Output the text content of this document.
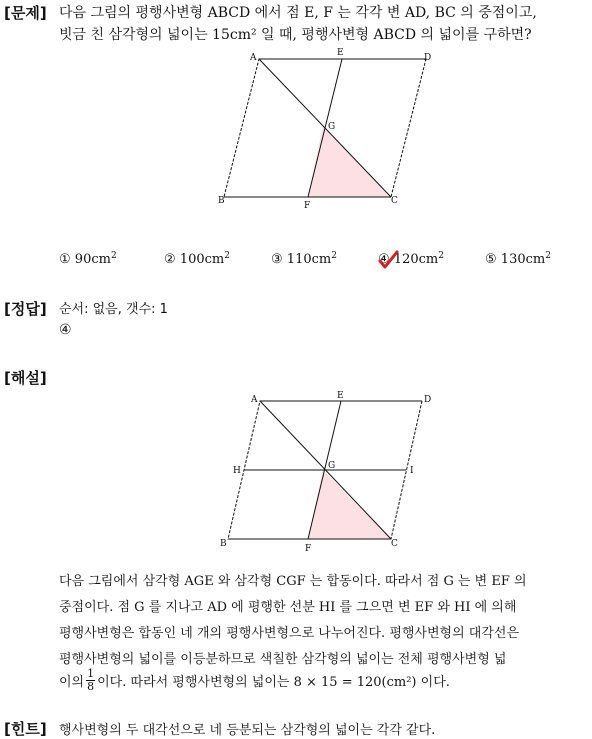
[문제] 다음 그림의 평행사변형 ABCD 에서 점 E, F 는 각각 변 AD, BC 의 중점이고,
빗금 친 삼각형의 넓이는 15cm² 일 때, 평행사변형 ABCD 의 넓이를 구하면?
A	E	D
G
B	F	C
① $90cm^2$	② $100cm^2$	③ $110cm^2$	④ $120cm^2$	⑤ $130cm^2$
[정답] 순서: 없음, 갯수: 1
④
[해설]
A	E	D
H	G	I
B	F	C
다음 그림에서 삼각형 AGE 와 삼각형 CGF 는 합동이다. 따라서 점 G 는 변 EF 의
중점이다. 점 G 를 지나고 AD 에 평행한 선분 HI 를 그으면 변 EF 와 HI 에 의해
평행사변형은 합동인 네 개의 평행사변형으로 나누어진다. 평행사변형의 대각선은
평행사변형의 넓이를 이등분하므로 색칠한 삼각형의 넓이는 전체 평행사변형 넓
이의 $\frac{1}{8}$ 이다. 따라서 평행사변형의 넓이는 8 × 15 = 120(cm²) 이다.
[힌트] 행사변형의 두 대각선으로 네 등분되는 삼각형의 넓이는 각각 같다.
